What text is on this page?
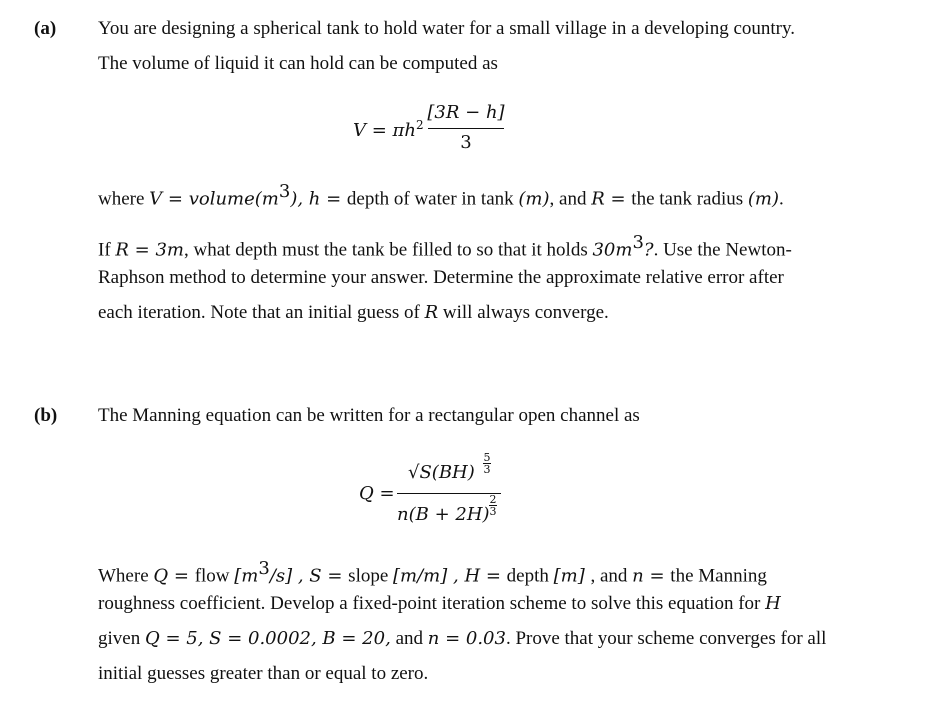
(a) You are designing a spherical tank to hold water for a small village in a developing country.
The volume of liquid it can hold can be computed as
$V = \pi h^2$
[3R − h]
3
where $V = volume(m^3)$, h = depth of water in tank (m), and R = the tank radius (m).
If R = 3m, what depth must the tank be filled to so that it holds $30m^3$?. Use the Newton-
Raphson method to determine your answer. Determine the approximate relative error after
each iteration. Note that an initial guess of R will always converge.
(b) The Manning equation can be written for a rectangular open channel as
Q =
√S(BH)
5
3
n(B + 2H)
2
3
Where Q = flow $[m^3/s]$ , S = slope [m/m] , H = depth [m] , and n = the Manning
roughness coefficient. Develop a fixed-point iteration scheme to solve this equation for H
given Q = 5, S = 0.0002, B = 20, and n = 0.03. Prove that your scheme converges for all
initial guesses greater than or equal to zero.
